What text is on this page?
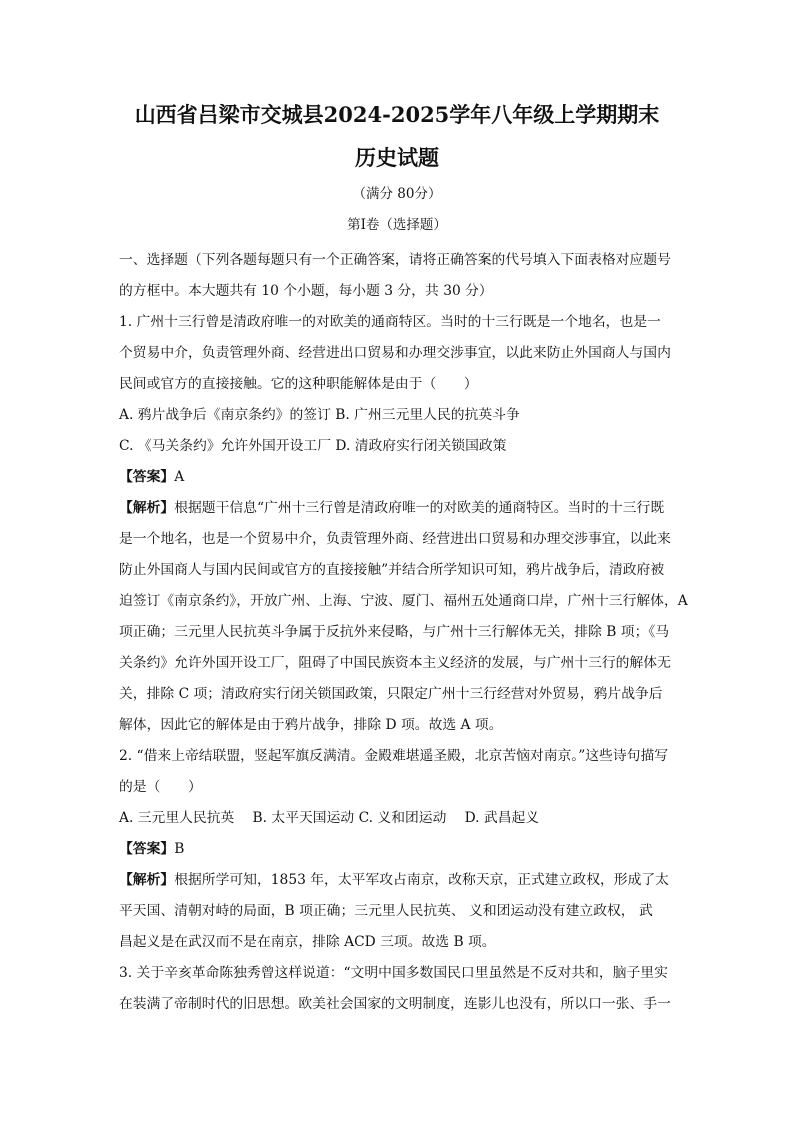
山西省吕梁市交城县2024-2025学年八年级上学期期末
历史试题
（满分 80分）
第Ⅰ卷（选择题）
一、选择题（下列各题每题只有一个正确答案，请将正确答案的代号填入下面表格对应题号
的方框中。本大题共有 10 个小题，每小题 3 分，共 30 分）
1. 广州十三行曾是清政府唯一的对欧美的通商特区。当时的十三行既是一个地名，也是一
个贸易中介，负责管理外商、经营进出口贸易和办理交涉事宜，以此来防止外国商人与国内
民间或官方的直接接触。它的这种职能解体是由于（　　）
A. 鸦片战争后《南京条约》的签订 B. 广州三元里人民的抗英斗争
C. 《马关条约》允许外国开设工厂 D. 清政府实行闭关锁国政策
【答案】A
【解析】根据题干信息“广州十三行曾是清政府唯一的对欧美的通商特区。当时的十三行既
是一个地名，也是一个贸易中介，负责管理外商、经营进出口贸易和办理交涉事宜，以此来
防止外国商人与国内民间或官方的直接接触”并结合所学知识可知，鸦片战争后，清政府被
迫签订《南京条约》，开放广州、上海、宁波、厦门、福州五处通商口岸，广州十三行解体，A
项正确；三元里人民抗英斗争属于反抗外来侵略，与广州十三行解体无关，排除 B 项；《马
关条约》允许外国开设工厂，阻碍了中国民族资本主义经济的发展，与广州十三行的解体无
关，排除 C 项；清政府实行闭关锁国政策，只限定广州十三行经营对外贸易，鸦片战争后
解体，因此它的解体是由于鸦片战争，排除 D 项。故选 A 项。
2. “借来上帝结联盟，竖起军旗反满清。金殿难堪遥圣殿，北京苦恼对南京。”这些诗句描写
的是（　　）
A. 三元里人民抗英　 B. 太平天国运动 C. 义和团运动　 D. 武昌起义
【答案】B
【解析】根据所学可知，1853 年，太平军攻占南京，改称天京，正式建立政权，形成了太
平天国、清朝对峙的局面，B 项正确；三元里人民抗英、 义和团运动没有建立政权， 武
昌起义是在武汉而不是在南京，排除 ACD 三项。故选 B 项。
3. 关于辛亥革命陈独秀曾这样说道：“文明中国多数国民口里虽然是不反对共和，脑子里实
在装满了帝制时代的旧思想。欧美社会国家的文明制度，连影儿也没有，所以口一张、手一
